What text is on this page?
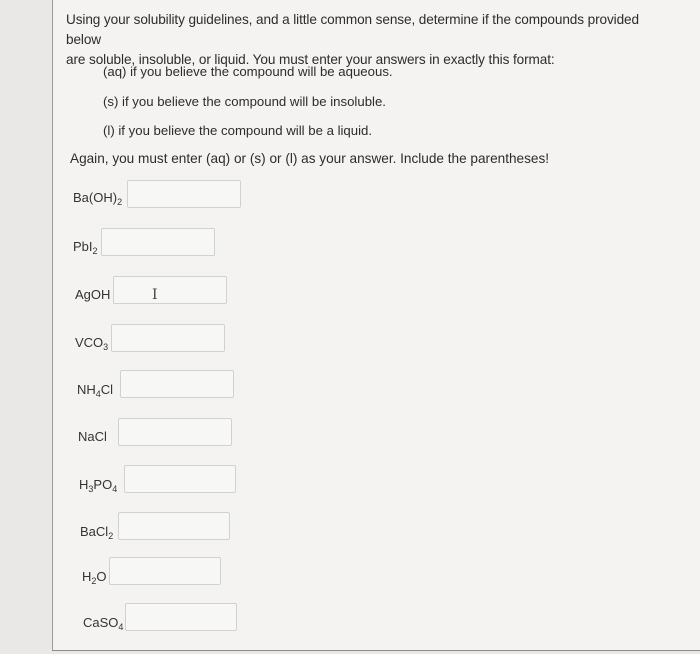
Using your solubility guidelines, and a little common sense, determine if the compounds provided below
are soluble, insoluble, or liquid. You must enter your answers in exactly this format:
(aq) if you believe the compound will be aqueous.
(s) if you believe the compound will be insoluble.
(l) if you believe the compound will be a liquid.
Again, you must enter (aq) or (s) or (l) as your answer. Include the parentheses!
$Ba(OH)_2$
PbI$_2$
AgOH	I
$VCO_3$
$NH_4Cl$
NaCl
$H_3PO_4$
BaCl$_2$
$H_2O$
CaSO$_4$
